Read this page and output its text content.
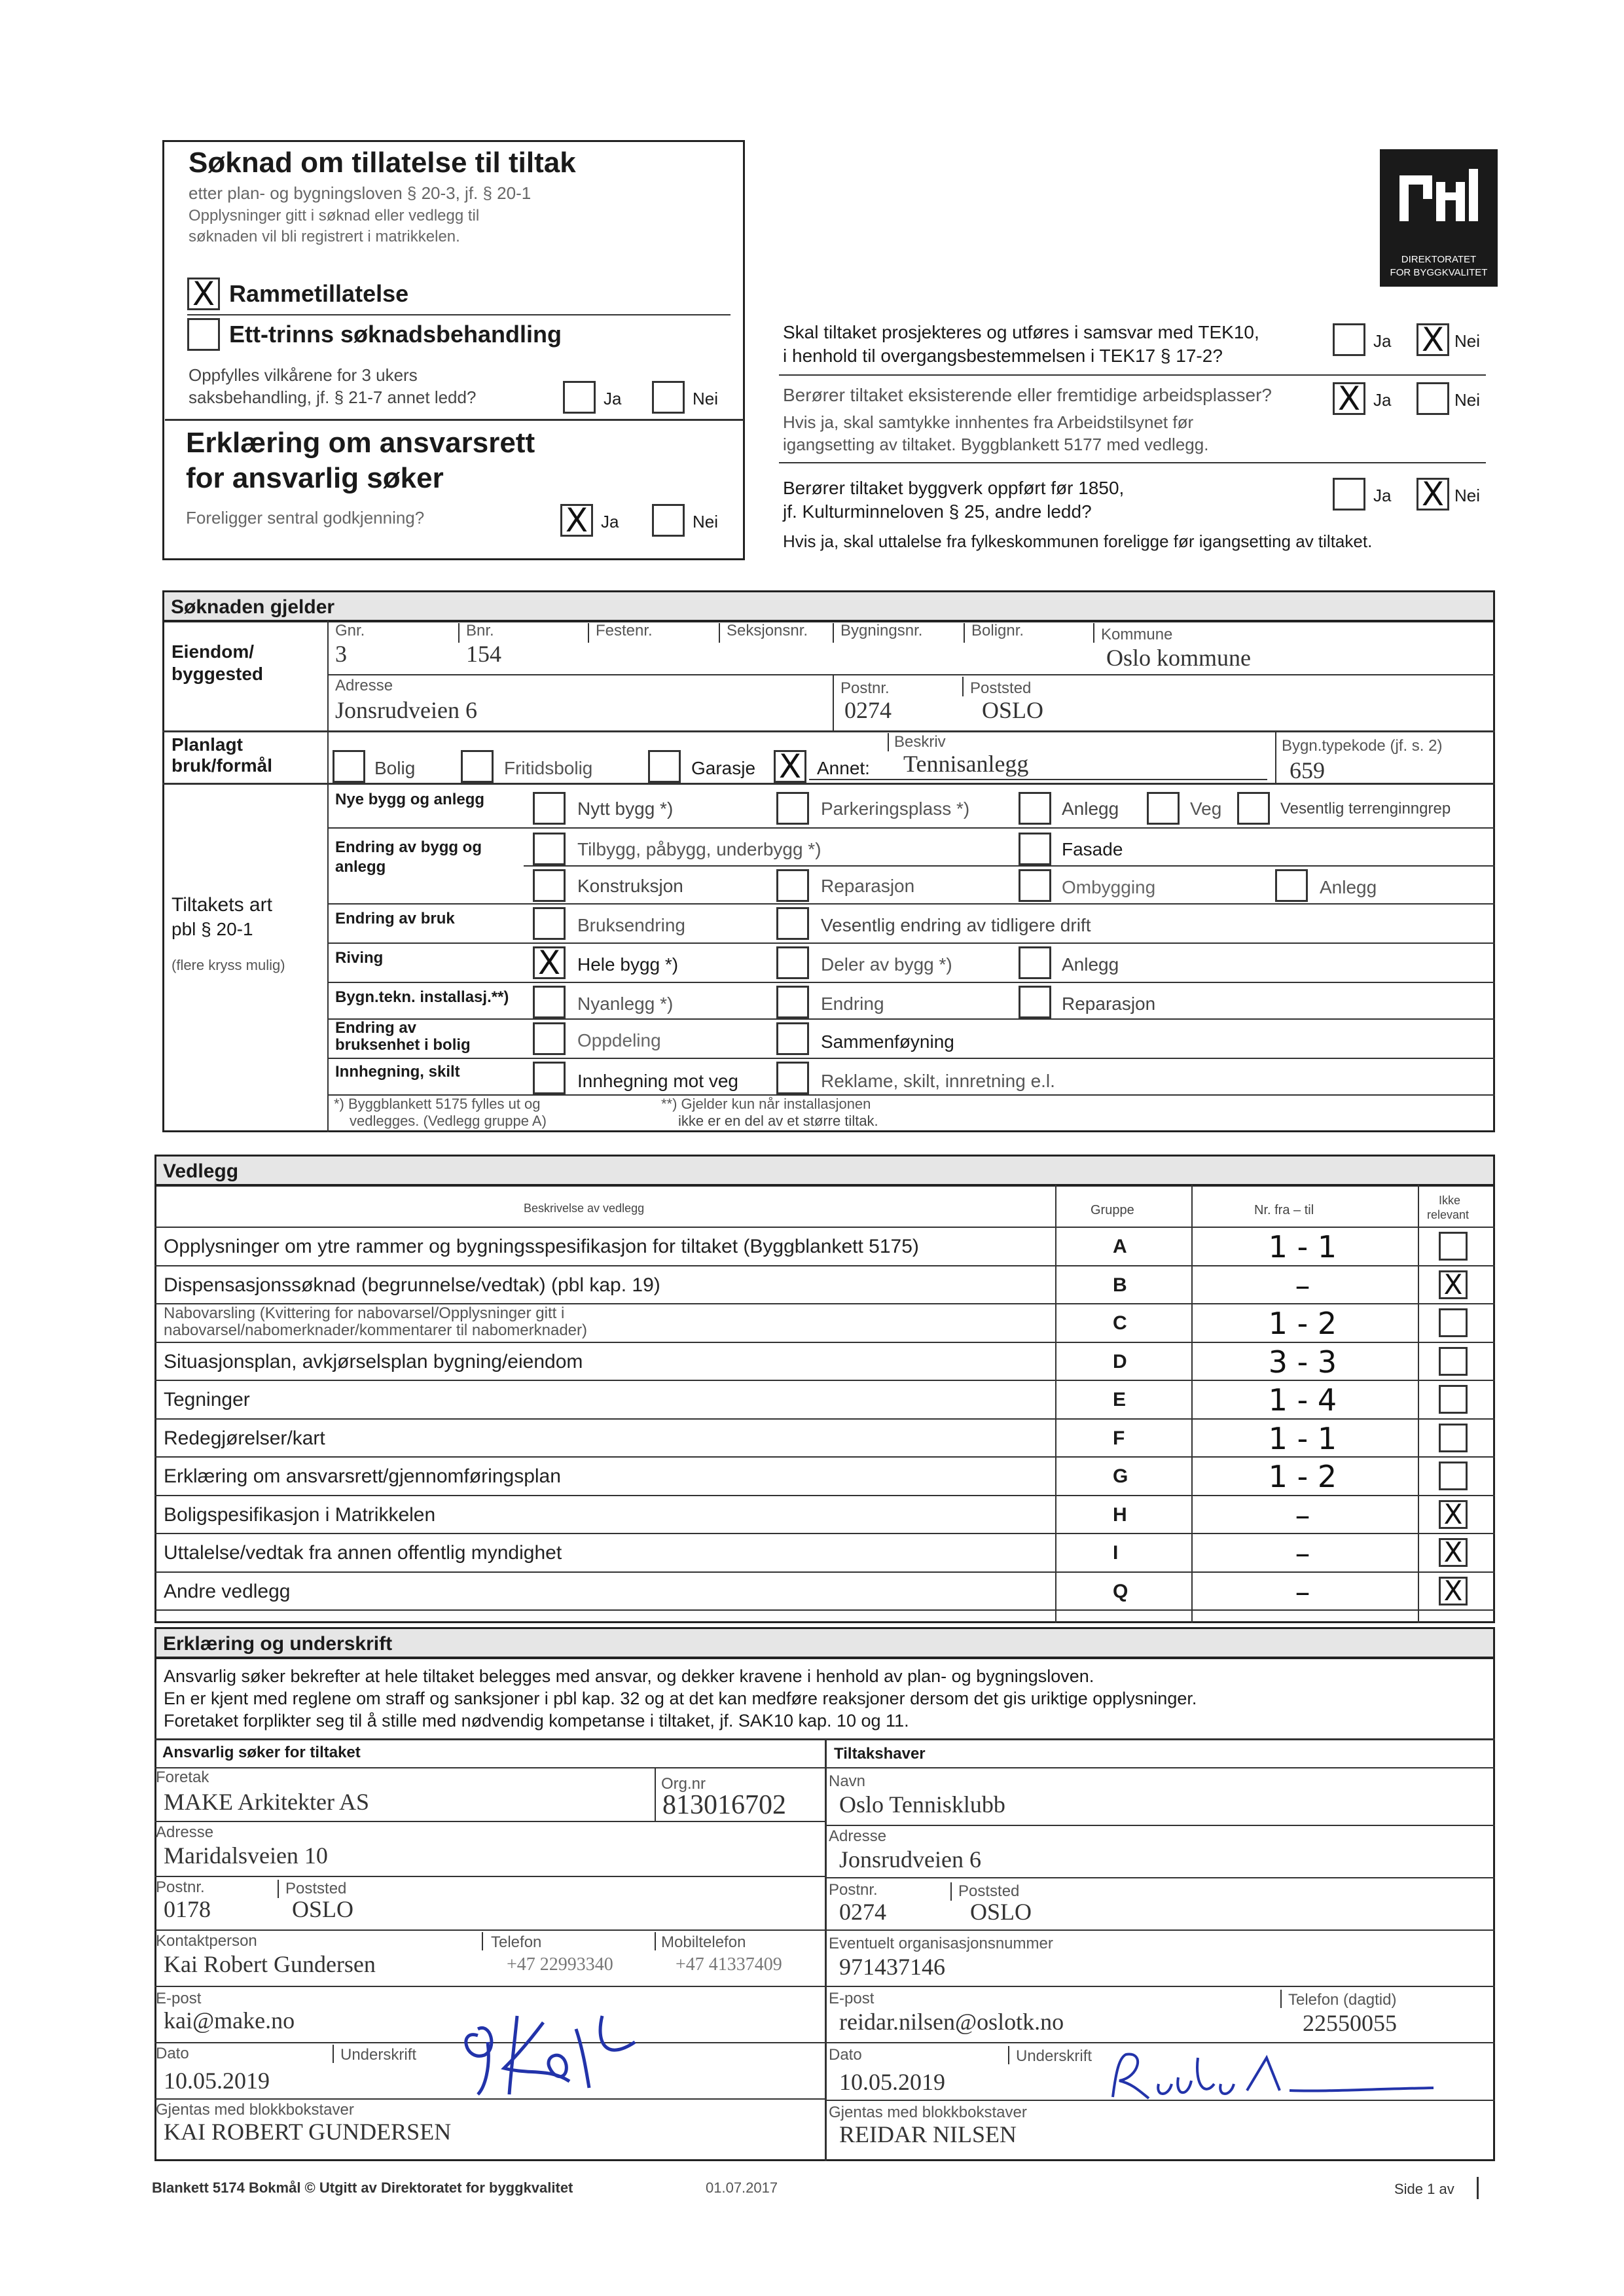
Søknad om tillatelse til tiltak
etter plan- og bygningsloven § 20-3, jf. § 20-1
Opplysninger gitt i søknad eller vedlegg til
søknaden vil bli registrert i matrikkelen.
X Rammetillatelse
Ett-trinns søknadsbehandling
Oppfylles vilkårene for 3 ukers
saksbehandling, jf. § 21-7 annet ledd?	Ja	Nei
Erklæring om ansvarsrett
for ansvarlig søker
Foreligger sentral godkjenning?	X Ja	Nei
DIREKTORATET
FOR BYGGKVALITET
Skal tiltaket prosjekteres og utføres i samsvar med TEK10,
i henhold til overgangsbestemmelsen i TEK17 § 17-2?
Ja X Nei
Berører tiltaket eksisterende eller fremtidige arbeidsplasser?
Hvis ja, skal samtykke innhentes fra Arbeidstilsynet før
igangsetting av tiltaket. Byggblankett 5177 med vedlegg.
X Ja	Nei
Berører tiltaket byggverk oppført før 1850,
jf. Kulturminneloven § 25, andre ledd?
Hvis ja, skal uttalelse fra fylkeskommunen foreligge før igangsetting av tiltaket.
Ja X Nei
Søknaden gjelder
Eiendom/
byggested
Gnr.
3
Bnr.
154
Festenr.	Seksjonsnr. Bygningsnr.	Bolignr.	Kommune
Oslo kommune
Adresse
Jonsrudveien 6
Postnr.
0274
Poststed
OSLO
Planlagt
bruk/formål	Bolig	Fritidsbolig	Garasje X Annet:
Beskriv
Tennisanlegg
Bygn.typekode (jf. s. 2)
659
Tiltakets art
pbl § 20-1
(flere kryss mulig)
Nye bygg og anlegg	Nytt bygg *)	Parkeringsplass *)	Anlegg	Veg	Vesentlig terrenginngrep
Endring av bygg og anlegg
Tilbygg, påbygg, underbygg *)	Fasade
Konstruksjon	Reparasjon	Ombygging	Anlegg
Endring av bruk	Bruksendring	Vesentlig endring av tidligere drift
Riving	X Hele bygg *)	Deler av bygg *)	Anlegg
Bygn.tekn. installasj.**)	Nyanlegg *)	Endring	Reparasjon
Endring av bruksenhet i bolig	Oppdeling	Sammenføyning
Innhegning, skilt	Innhegning mot veg	Reklame, skilt, innretning e.l.
*) Byggblankett 5175 fylles ut og
vedlegges. (Vedlegg gruppe A)
**) Gjelder kun når installasjonen
ikke er en del av et større tiltak.
Vedlegg
Beskrivelse av vedlegg	Gruppe	Nr. fra – til
Ikke
relevant
Opplysninger om ytre rammer og bygningsspesifikasjon for tiltaket (Byggblankett 5175)	A	1 - 1
Dispensasjonssøknad (begrunnelse/vedtak) (pbl kap. 19)	B	–	X
Nabovarsling (Kvittering for nabovarsel/Opplysninger gitt i
nabovarsel/nabomerknader/kommentarer til nabomerknader)	C	1 - 2
Situasjonsplan, avkjørselsplan bygning/eiendom	D	3 - 3
Tegninger	E	1 - 4
Redegjørelser/kart	F	1 - 1
Erklæring om ansvarsrett/gjennomføringsplan	G	1 - 2
Boligspesifikasjon i Matrikkelen	H	–	X
Uttalelse/vedtak fra annen offentlig myndighet	I	–	X
Andre vedlegg	Q	–	X
Erklæring og underskrift
Ansvarlig søker bekrefter at hele tiltaket belegges med ansvar, og dekker kravene i henhold av plan- og bygningsloven.
En er kjent med reglene om straff og sanksjoner i pbl kap. 32 og at det kan medføre reaksjoner dersom det gis uriktige opplysninger.
Foretaket forplikter seg til å stille med nødvendig kompetanse i tiltaket, jf. SAK10 kap. 10 og 11.
Ansvarlig søker for tiltaket
Foretak
MAKE Arkitekter AS
Org.nr
813016702
Adresse
Maridalsveien 10
Postnr.
0178
Poststed
OSLO
Kontaktperson
Kai Robert Gundersen
Telefon
+47 22993340
Mobiltelefon
+47 41337409
E-post
kai@make.no
Dato
10.05.2019
Underskrift
Gjentas med blokkbokstaver
KAI ROBERT GUNDERSEN
Tiltakshaver
Navn
Oslo Tennisklubb
Adresse
Jonsrudveien 6
Postnr.
0274
Poststed
OSLO
Eventuelt organisasjonsnummer
971437146
E-post
reidar.nilsen@oslotk.no
Telefon (dagtid)
22550055
Dato
10.05.2019
Underskrift
Gjentas med blokkbokstaver
REIDAR NILSEN
Blankett 5174 Bokmål © Utgitt av Direktoratet for byggkvalitet	01.07.2017	Side 1 av
